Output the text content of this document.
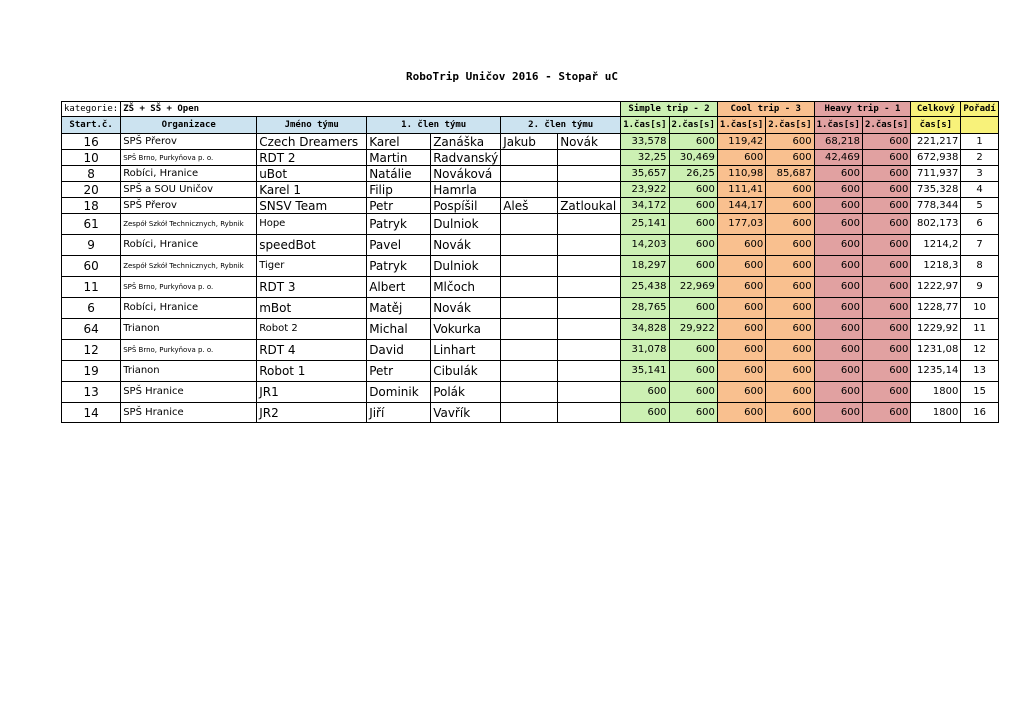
RoboTrip Uničov 2016 - Stopař uC
kategorie:	ZŠ + SŠ + Open						Simple trip - 2		Cool trip - 3		Heavy trip - 1		Celkový	Pořadí
Start.č.	Organizace	Jméno týmu	1. člen týmu		2. člen týmu		1.čas[s]	2.čas[s]	1.čas[s]	2.čas[s]	1.čas[s]	2.čas[s]	čas[s]	
16	SPŠ Přerov	Czech Dreamers	Karel	Zanáška	Jakub	Novák	33,578	600	119,42	600	68,218	600	221,217	1
10	SPŠ Brno, Purkyňova p. o.	RDT 2	Martin	Radvanský			32,25	30,469	600	600	42,469	600	672,938	2
8	Robíci, Hranice	uBot	Natálie	Nováková			35,657	26,25	110,98	85,687	600	600	711,937	3
20	SPŠ a SOU Uničov	Karel 1	Filip	Hamrla			23,922	600	111,41	600	600	600	735,328	4
18	SPŠ Přerov	SNSV Team	Petr	Pospíšil	Aleš	Zatloukal	34,172	600	144,17	600	600	600	778,344	5
61	Zespół Szkół Technicznych, Rybnik	Hope	Patryk	Dulniok			25,141	600	177,03	600	600	600	802,173	6
9	Robíci, Hranice	speedBot	Pavel	Novák			14,203	600	600	600	600	600	1214,2	7
60	Zespół Szkół Technicznych, Rybnik	Tiger	Patryk	Dulniok			18,297	600	600	600	600	600	1218,3	8
11	SPŠ Brno, Purkyňova p. o.	RDT 3	Albert	Mlčoch			25,438	22,969	600	600	600	600	1222,97	9
6	Robíci, Hranice	mBot	Matěj	Novák			28,765	600	600	600	600	600	1228,77	10
64	Trianon	Robot 2	Michal	Vokurka			34,828	29,922	600	600	600	600	1229,92	11
12	SPŠ Brno, Purkyňova p. o.	RDT 4	David	Linhart			31,078	600	600	600	600	600	1231,08	12
19	Trianon	Robot 1	Petr	Cibulák			35,141	600	600	600	600	600	1235,14	13
13	SPŠ Hranice	JR1	Dominik	Polák			600	600	600	600	600	600	1800	15
14	SPŠ Hranice	JR2	Jiří	Vavřík			600	600	600	600	600	600	1800	16
